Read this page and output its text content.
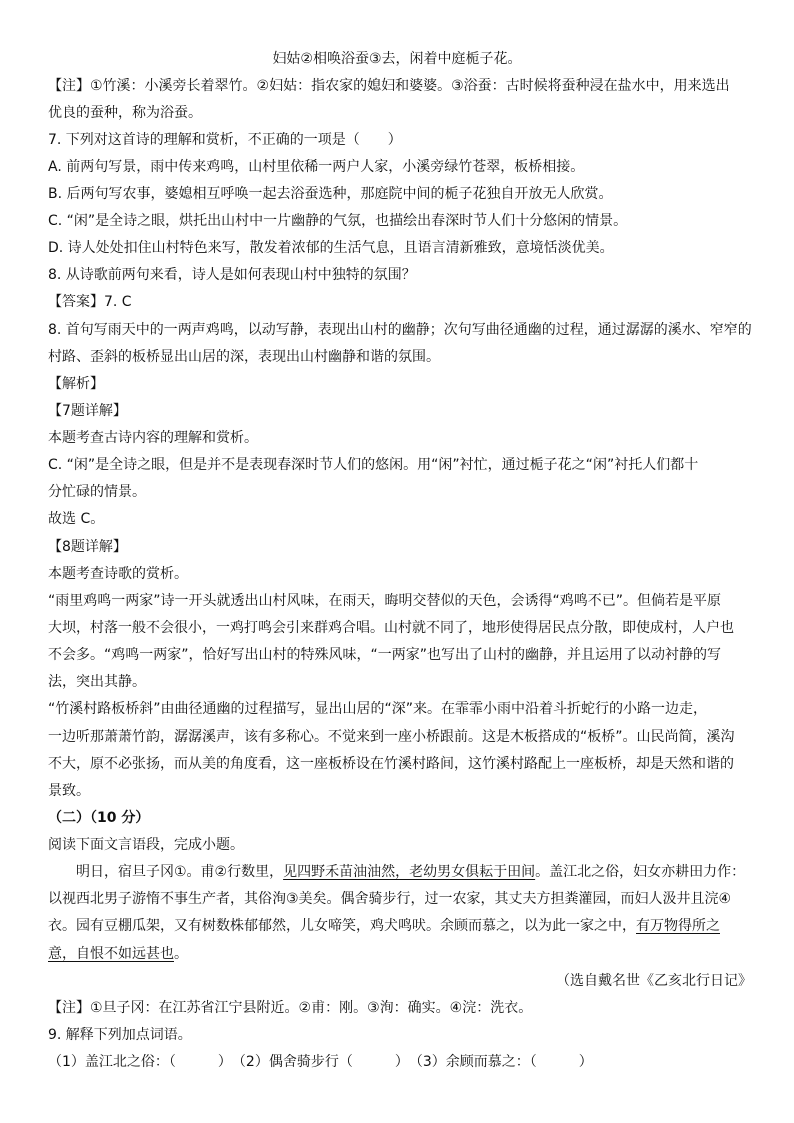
妇姑②相唤浴蚕③去，闲着中庭栀子花。
【注】①竹溪：小溪旁长着翠竹。②妇姑：指农家的媳妇和婆婆。③浴蚕：古时候将蚕种浸在盐水中，用来选出
优良的蚕种，称为浴蚕。
7. 下列对这首诗的理解和赏析，不正确的一项是（　　）
A. 前两句写景，雨中传来鸡鸣，山村里依稀一两户人家，小溪旁绿竹苍翠，板桥相接。
B. 后两句写农事，婆媳相互呼唤一起去浴蚕选种，那庭院中间的栀子花独自开放无人欣赏。
C. “闲”是全诗之眼，烘托出山村中一片幽静的气氛，也描绘出春深时节人们十分悠闲的情景。
D. 诗人处处扣住山村特色来写，散发着浓郁的生活气息，且语言清新雅致，意境恬淡优美。
8. 从诗歌前两句来看，诗人是如何表现山村中独特的氛围？
【答案】7. C
8. 首句写雨天中的一两声鸡鸣，以动写静，表现出山村的幽静；次句写曲径通幽的过程，通过潺潺的溪水、窄窄的
村路、歪斜的板桥显出山居的深，表现出山村幽静和谐的氛围。
【解析】
【7题详解】
本题考查古诗内容的理解和赏析。
C. “闲”是全诗之眼，但是并不是表现春深时节人们的悠闲。用“闲”衬忙，通过栀子花之“闲”衬托人们都十
分忙碌的情景。
故选 C。
【8题详解】
本题考查诗歌的赏析。
“雨里鸡鸣一两家”诗一开头就透出山村风味，在雨天，晦明交替似的天色，会诱得“鸡鸣不已”。但倘若是平原
大坝，村落一般不会很小，一鸡打鸣会引来群鸡合唱。山村就不同了，地形使得居民点分散，即使成村，人户也
不会多。“鸡鸣一两家”，恰好写出山村的特殊风味，“一两家”也写出了山村的幽静，并且运用了以动衬静的写
法，突出其静。
“竹溪村路板桥斜”由曲径通幽的过程描写，显出山居的“深”来。在霏霏小雨中沿着斗折蛇行的小路一边走，
一边听那萧萧竹韵，潺潺溪声，该有多称心。不觉来到一座小桥跟前。这是木板搭成的“板桥”。山民尚简，溪沟
不大，原不必张扬，而从美的角度看，这一座板桥设在竹溪村路间，这竹溪村路配上一座板桥，却是天然和谐的
景致。
（二）（10 分）
阅读下面文言语段，完成小题。
明日，宿旦子冈①。甫②行数里，见四野禾苗油油然，老幼男女俱耘于田间。盖江北之俗，妇女亦耕田力作：
以视西北男子游惰不事生产者，其俗洵③美矣。偶舍骑步行，过一农家，其丈夫方担粪灌园，而妇人汲井且浣④
衣。园有豆棚瓜架，又有树数株郁郁然，儿女啼笑，鸡犬鸣吠。余顾而慕之，以为此一家之中，有万物得所之
意，自恨不如远甚也。
（选自戴名世《乙亥北行日记》
【注】①旦子冈：在江苏省江宁县附近。②甫：刚。③洵：确实。④浣：洗衣。
9. 解释下列加点词语。
（1）盖江北之俗：（　　　）　（2）偶舍骑步行（　　　）　（3）余顾而慕之：（　　　）
